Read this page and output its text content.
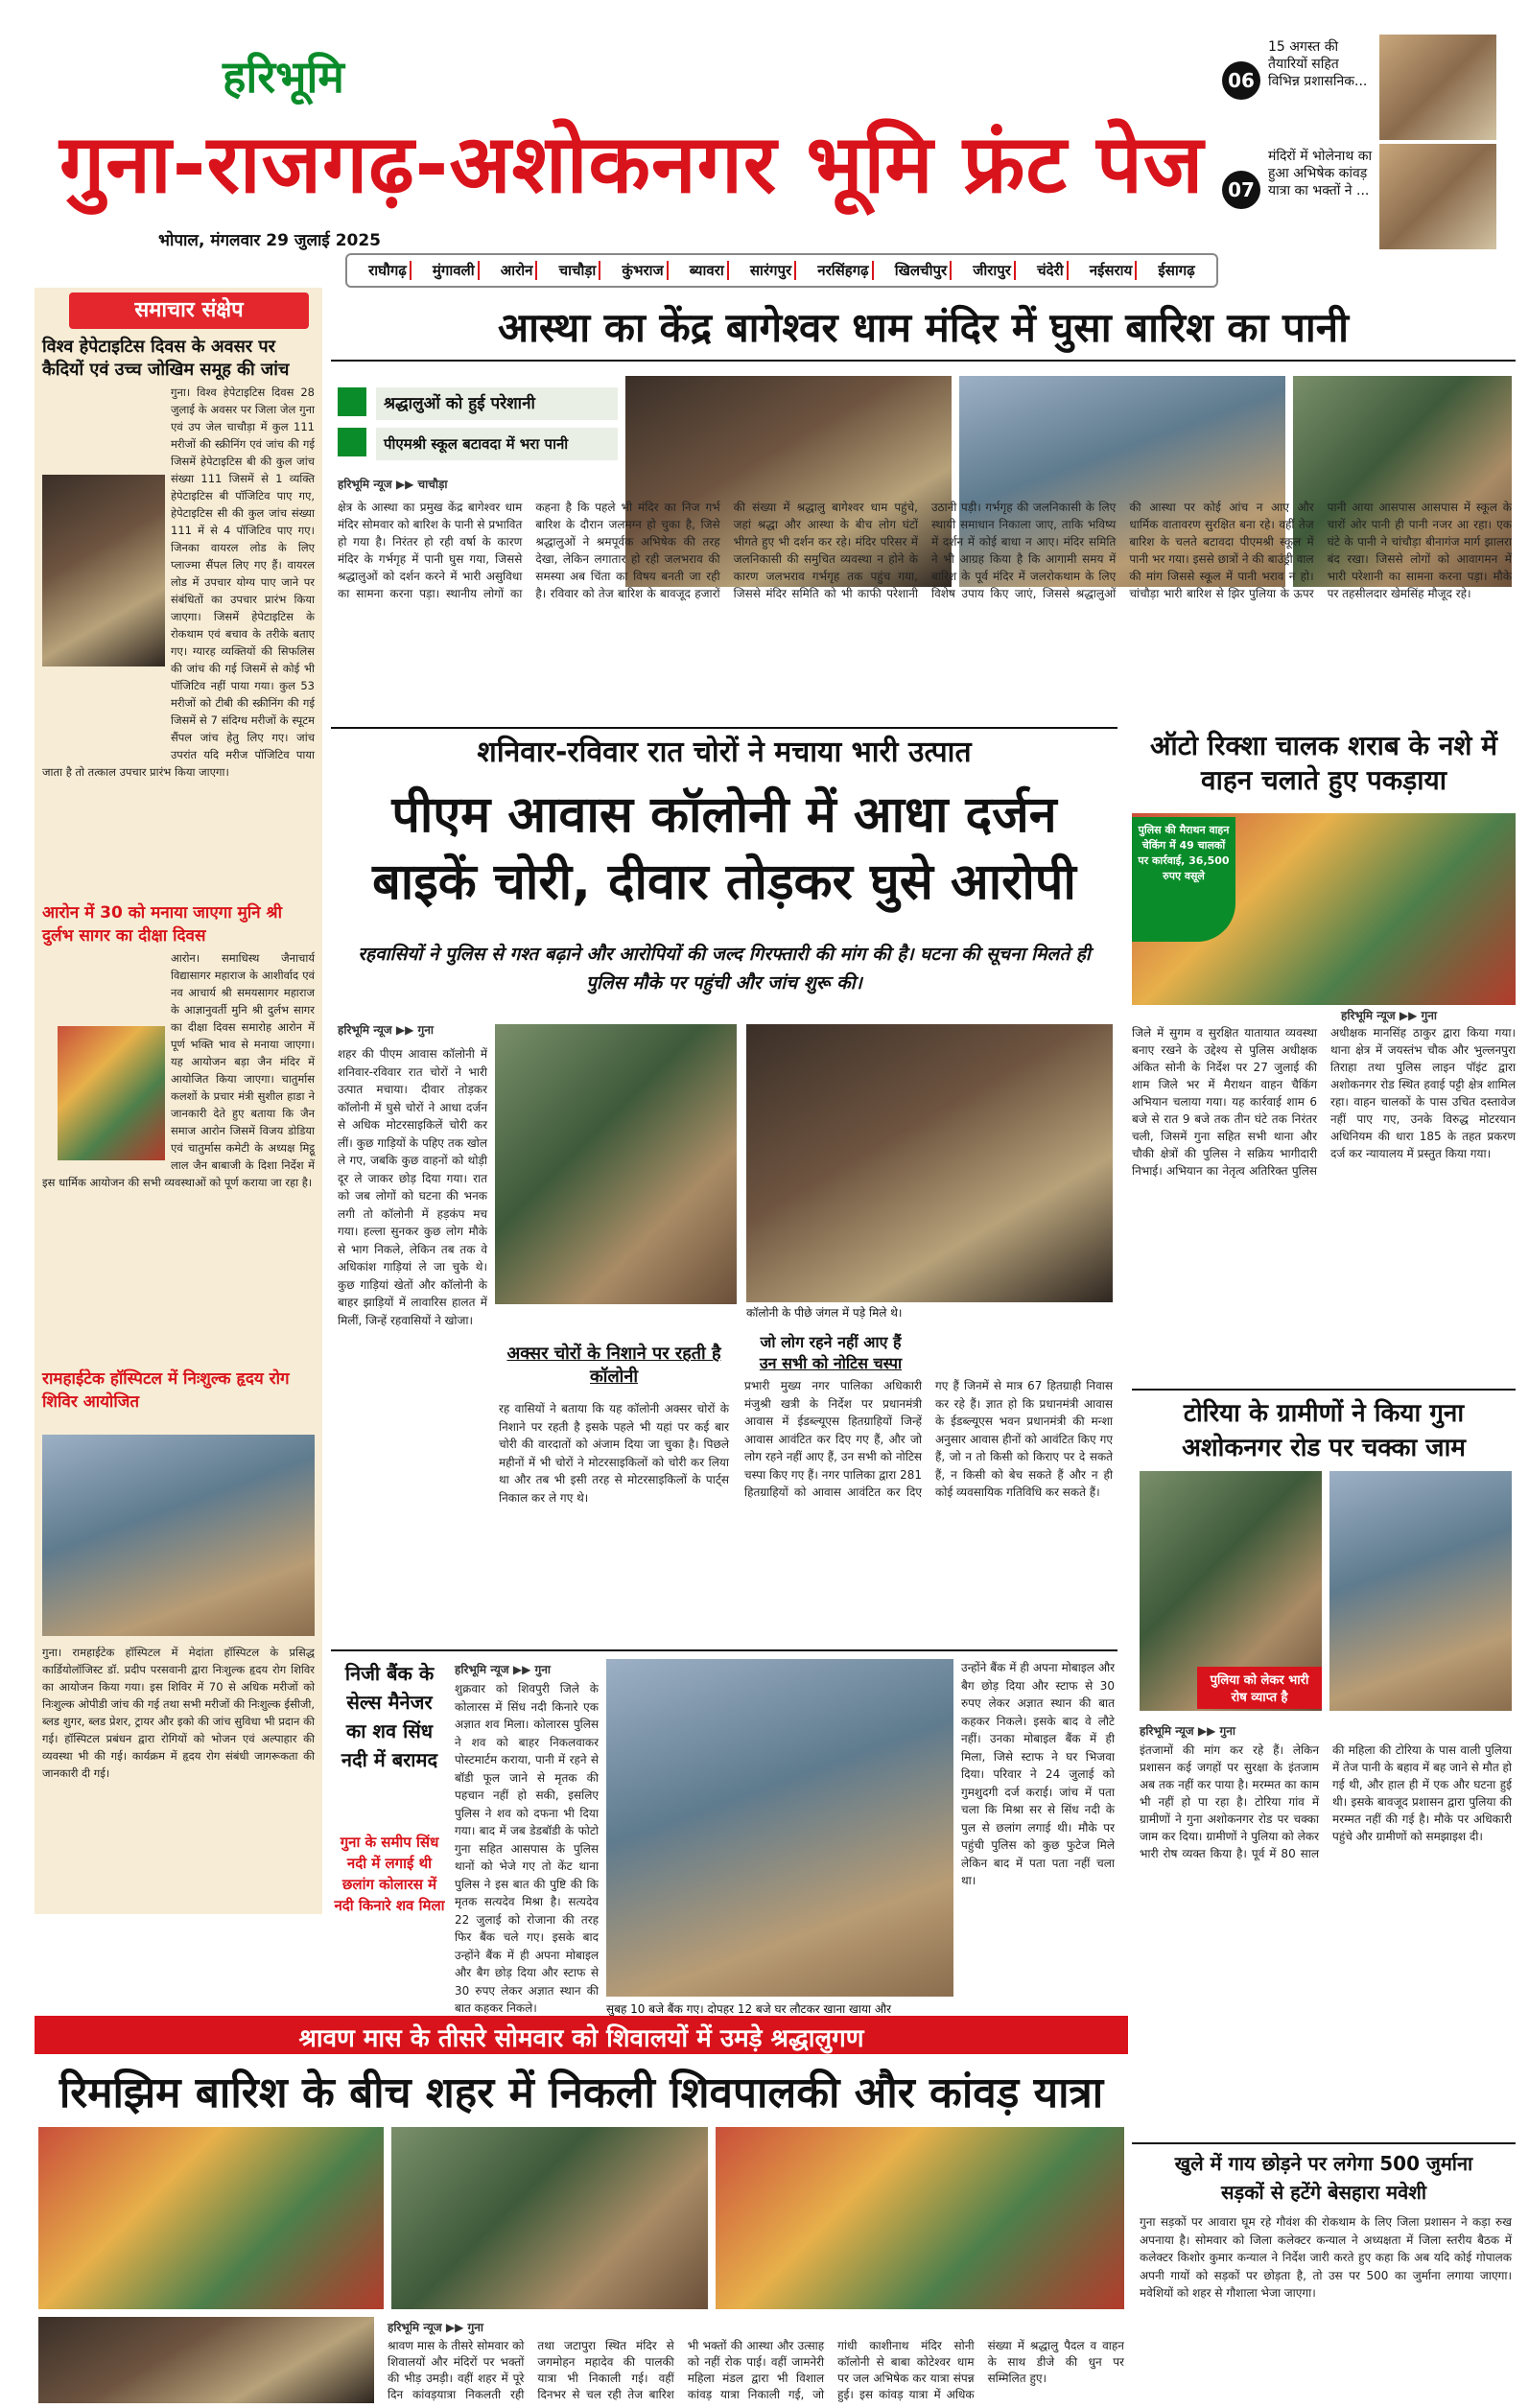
हरिभूमि
गुना-राजगढ़-अशोकनगर भूमि फ्रंट पेज
भोपाल, मंगलवार 29 जुलाई 2025
06
15 अगस्त की तैयारियों सहित विभिन्न प्रशासनिक...
07
मंदिरों में भोलेनाथ का हुआ अभिषेक कांवड़ यात्रा का भक्तों ने ...
राघौगढ़	मुंगावली	आरोन	चाचौड़ा	कुंभराज	ब्यावरा	सारंगपुर	नरसिंहगढ़	खिलचीपुर	जीरापुर	चंदेरी	नईसराय	ईसागढ़
समाचार संक्षेप
विश्व हेपेटाइटिस दिवस के अवसर पर कैदियों एवं उच्च जोखिम समूह की जांच
गुना। विश्व हेपेटाइटिस दिवस 28 जुलाई के अवसर पर जिला जेल गुना एवं उप जेल चाचौड़ा में कुल 111 मरीजों की स्क्रीनिंग एवं जांच की गई जिसमें हेपेटाइटिस बी की कुल जांच संख्या 111 जिसमें से 1 व्यक्ति हेपेटाइटिस बी पॉजिटिव पाए गए, हेपेटाइटिस सी की कुल जांच संख्या 111 में से 4 पॉजिटिव पाए गए। जिनका वायरल लोड के लिए प्लाज्मा सैंपल लिए गए हैं। वायरल लोड में उपचार योग्य पाए जाने पर संबंधितों का उपचार प्रारंभ किया जाएगा। जिसमें हेपेटाइटिस के रोकथाम एवं बचाव के तरीके बताए गए। ग्यारह व्यक्तियों की सिफलिस की जांच की गई जिसमें से कोई भी पॉजिटिव नहीं पाया गया। कुल 53 मरीजों को टीबी की स्क्रीनिंग की गई जिसमें से 7 संदिग्ध मरीजों के स्पूटम सैंपल जांच हेतु लिए गए। जांच उपरांत यदि मरीज पॉजिटिव पाया जाता है तो तत्काल उपचार प्रारंभ किया जाएगा।
आरोन में 30 को मनाया जाएगा मुनि श्री दुर्लभ सागर का दीक्षा दिवस
आरोन। समाधिस्थ जैनाचार्य विद्यासागर महाराज के आशीर्वाद एवं नव आचार्य श्री समयसागर महाराज के आज्ञानुवर्ती मुनि श्री दुर्लभ सागर का दीक्षा दिवस समारोह आरोन में पूर्ण भक्ति भाव से मनाया जाएगा। यह आयोजन बड़ा जैन मंदिर में आयोजित किया जाएगा। चातुर्मास कलशों के प्रचार मंत्री सुशील हाडा ने जानकारी देते हुए बताया कि जैन समाज आरोन जिसमें विजय डोडिया एवं चातुर्मास कमेटी के अध्यक्ष मिट्ठू लाल जैन बाबाजी के दिशा निर्देश में इस धार्मिक आयोजन की सभी व्यवस्थाओं को पूर्ण कराया जा रहा है।
रामहाईटेक हॉस्पिटल में निःशुल्क हृदय रोग शिविर आयोजित
गुना। रामहाईटेक हॉस्पिटल में मेदांता हॉस्पिटल के प्रसिद्ध कार्डियोलॉजिस्ट डॉ. प्रदीप परसवानी द्वारा निःशुल्क हृदय रोग शिविर का आयोजन किया गया। इस शिविर में 70 से अधिक मरीजों को निःशुल्क ओपीडी जांच की गई तथा सभी मरीजों की निःशुल्क ईसीजी, ब्लड शुगर, ब्लड प्रेशर, ट्रायर और इको की जांच सुविधा भी प्रदान की गई। हॉस्पिटल प्रबंधन द्वारा रोगियों को भोजन एवं अल्पाहार की व्यवस्था भी की गई। कार्यक्रम में हृदय रोग संबंधी जागरूकता की जानकारी दी गई।
आस्था का केंद्र बागेश्वर धाम मंदिर में घुसा बारिश का पानी
श्रद्धालुओं को हुई परेशानी
पीएमश्री स्कूल बटावदा में भरा पानी
हरिभूमि न्यूज ▶▶ चाचौड़ा
क्षेत्र के आस्था का प्रमुख केंद्र बागेश्वर धाम मंदिर सोमवार को बारिश के पानी से प्रभावित हो गया है। निरंतर हो रही वर्षा के कारण मंदिर के गर्भगृह में पानी घुस गया, जिससे श्रद्धालुओं को दर्शन करने में भारी असुविधा का सामना करना पड़ा। स्थानीय लोगों का कहना है कि पहले भी मंदिर का निज गर्भ बारिश के दौरान जलमग्न हो चुका है, जिसे श्रद्धालुओं ने श्रमपूर्वक अभिषेक की तरह देखा, लेकिन लगातार हो रही जलभराव की समस्या अब चिंता का विषय बनती जा रही है। रविवार को तेज बारिश के बावजूद हजारों की संख्या में श्रद्धालु बागेश्वर धाम पहुंचे, जहां श्रद्धा और आस्था के बीच लोग घंटों भीगते हुए भी दर्शन कर रहे। मंदिर परिसर में जलनिकासी की समुचित व्यवस्था न होने के कारण जलभराव गर्भगृह तक पहुंच गया, जिससे मंदिर समिति को भी काफी परेशानी उठानी पड़ी। गर्भगृह की जलनिकासी के लिए स्थायी समाधान निकाला जाए, ताकि भविष्य में दर्शन में कोई बाधा न आए। मंदिर समिति ने भी आग्रह किया है कि आगामी समय में बारिश के पूर्व मंदिर में जलरोकथाम के लिए विशेष उपाय किए जाएं, जिससे श्रद्धालुओं की आस्था पर कोई आंच न आए और धार्मिक वातावरण सुरक्षित बना रहे। वहीं तेज बारिश के चलते बटावदा पीएमश्री स्कूल में पानी भर गया। इससे छात्रों ने की बाउंड्री वाल की मांग जिससे स्कूल में पानी भराव न हो। चांचौड़ा भारी बारिश से झिर पुलिया के ऊपर पानी आया आसपास आसपास में स्कूल के चारों ओर पानी ही पानी नजर आ रहा। एक घंटे के पानी ने चांचौड़ा बीनागंज मार्ग झालरा बंद रखा। जिससे लोगों को आवागमन में भारी परेशानी का सामना करना पड़ा। मौके पर तहसीलदार खेमसिंह मौजूद रहे।
शनिवार-रविवार रात चोरों ने मचाया भारी उत्पात
पीएम आवास कॉलोनी में आधा दर्जन
बाइकें चोरी, दीवार तोड़कर घुसे आरोपी
रहवासियों ने पुलिस से गश्त बढ़ाने और आरोपियों की जल्द गिरफ्तारी की मांग की है। घटना की सूचना मिलते ही पुलिस मौके पर पहुंची और जांच शुरू की।
हरिभूमि न्यूज ▶▶ गुना
शहर की पीएम आवास कॉलोनी में शनिवार-रविवार रात चोरों ने भारी उत्पात मचाया। दीवार तोड़कर कॉलोनी में घुसे चोरों ने आधा दर्जन से अधिक मोटरसाइकिलें चोरी कर लीं। कुछ गाड़ियों के पहिए तक खोल ले गए, जबकि कुछ वाहनों को थोड़ी दूर ले जाकर छोड़ दिया गया। रात को जब लोगों को घटना की भनक लगी तो कॉलोनी में हड़कंप मच गया। हल्ला सुनकर कुछ लोग मौके से भाग निकले, लेकिन तब तक वे अधिकांश गाड़ियां ले जा चुके थे। कुछ गाड़ियां खेतों और कॉलोनी के बाहर झाड़ियों में लावारिस हालत में मिलीं, जिन्हें रहवासियों ने खोजा।
कॉलोनी के पीछे जंगल में पड़े मिले थे।
अक्सर चोरों के निशाने पर रहती है कॉलोनी
रह वासियों ने बताया कि यह कॉलोनी अक्सर चोरों के निशाने पर रहती है इसके पहले भी यहां पर कई बार चोरी की वारदातों को अंजाम दिया जा चुका है। पिछले महीनों में भी चोरों ने मोटरसाइकिलों को चोरी कर लिया था और तब भी इसी तरह से मोटरसाइकिलों के पार्ट्स निकाल कर ले गए थे।
जो लोग रहने नहीं आए हैं
उन सभी को नोटिस चस्पा
प्रभारी मुख्य नगर पालिका अधिकारी मंजुश्री खत्री के निर्देश पर प्रधानमंत्री आवास में ईडब्ल्यूएस हितग्राहियों जिन्हें आवास आवंटित कर दिए गए हैं, और जो लोग रहने नहीं आए हैं, उन सभी को नोटिस चस्पा किए गए हैं। नगर पालिका द्वारा 281 हितग्राहियों को आवास आवंटित कर दिए गए हैं जिनमें से मात्र 67 हितग्राही निवास कर रहे हैं। ज्ञात हो कि प्रधानमंत्री आवास के ईडब्ल्यूएस भवन प्रधानमंत्री की मन्शा अनुसार आवास हीनों को आवंटित किए गए हैं, जो न तो किसी को किराए पर दे सकते हैं, न किसी को बेच सकते हैं और न ही कोई व्यवसायिक गतिविधि कर सकते हैं।
ऑटो रिक्शा चालक शराब के नशे में वाहन चलाते हुए पकड़ाया
पुलिस की मैराथन वाहन चेकिंग में 49 चालकों पर कार्रवाई, 36,500 रुपए वसूले
हरिभूमि न्यूज ▶▶ गुना
जिले में सुगम व सुरक्षित यातायात व्यवस्था बनाए रखने के उद्देश्य से पुलिस अधीक्षक अंकित सोनी के निर्देश पर 27 जुलाई की शाम जिले भर में मैराथन वाहन चैकिंग अभियान चलाया गया। यह कार्रवाई शाम 6 बजे से रात 9 बजे तक तीन घंटे तक निरंतर चली, जिसमें गुना सहित सभी थाना और चौकी क्षेत्रों की पुलिस ने सक्रिय भागीदारी निभाई। अभियान का नेतृत्व अतिरिक्त पुलिस अधीक्षक मानसिंह ठाकुर द्वारा किया गया। थाना क्षेत्र में जयस्तंभ चौक और भुल्लनपुरा तिराहा तथा पुलिस लाइन पॉइंट द्वारा अशोकनगर रोड स्थित हवाई पट्टी क्षेत्र शामिल रहा। वाहन चालकों के पास उचित दस्तावेज नहीं पाए गए, उनके विरुद्ध मोटरयान अधिनियम की धारा 185 के तहत प्रकरण दर्ज कर न्यायालय में प्रस्तुत किया गया।
टोरिया के ग्रामीणों ने किया गुना अशोकनगर रोड पर चक्का जाम
पुलिया को लेकर भारी रोष व्याप्त है
हरिभूमि न्यूज ▶▶ गुना
इंतजामों की मांग कर रहे हैं। लेकिन प्रशासन कई जगहों पर सुरक्षा के इंतजाम अब तक नहीं कर पाया है। मरम्मत का काम भी नहीं हो पा रहा है। टोरिया गांव में ग्रामीणों ने गुना अशोकनगर रोड पर चक्का जाम कर दिया। ग्रामीणों ने पुलिया को लेकर भारी रोष व्यक्त किया है। पूर्व में 80 साल की महिला की टोरिया के पास वाली पुलिया में तेज पानी के बहाव में बह जाने से मौत हो गई थी, और हाल ही में एक और घटना हुई थी। इसके बावजूद प्रशासन द्वारा पुलिया की मरम्मत नहीं की गई है। मौके पर अधिकारी पहुंचे और ग्रामीणों को समझाइश दी।
निजी बैंक के सेल्स मैनेजर का शव सिंध नदी में बरामद
गुना के समीप सिंध नदी में लगाई थी छलांग कोलारस में नदी किनारे शव मिला
हरिभूमि न्यूज ▶▶ गुना
शुक्रवार को शिवपुरी जिले के कोलारस में सिंध नदी किनारे एक अज्ञात शव मिला। कोलारस पुलिस ने शव को बाहर निकलवाकर पोस्टमार्टम कराया, पानी में रहने से बॉडी फूल जाने से मृतक की पहचान नहीं हो सकी, इसलिए पुलिस ने शव को दफना भी दिया गया। बाद में जब डेडबॉडी के फोटो गुना सहित आसपास के पुलिस थानों को भेजे गए तो केंट थाना पुलिस ने इस बात की पुष्टि की कि मृतक सत्यदेव मिश्रा है। सत्यदेव 22 जुलाई को रोजाना की तरह फिर बैंक चले गए। इसके बाद उन्होंने बैंक में ही अपना मोबाइल और बैग छोड़ दिया और स्टाफ से 30 रुपए लेकर अज्ञात स्थान की बात कहकर निकले।	सुबह 10 बजे बैंक गए। दोपहर 12 बजे घर लौटकर खाना खाया और
उन्होंने बैंक में ही अपना मोबाइल और बैग छोड़ दिया और स्टाफ से 30 रुपए लेकर अज्ञात स्थान की बात कहकर निकले। इसके बाद वे लौटे नहीं। उनका मोबाइल बैंक में ही मिला, जिसे स्टाफ ने घर भिजवा दिया। परिवार ने 24 जुलाई को गुमशुदगी दर्ज कराई। जांच में पता चला कि मिश्रा सर से सिंध नदी के पुल से छलांग लगाई थी। मौके पर पहुंची पुलिस को कुछ फुटेज मिले लेकिन बाद में पता पता नहीं चला था।
श्रावण मास के तीसरे सोमवार को शिवालयों में उमड़े श्रद्धालुगण
रिमझिम बारिश के बीच शहर में निकली शिवपालकी और कांवड़ यात्रा
हरिभूमि न्यूज ▶▶ गुना
श्रावण मास के तीसरे सोमवार को शिवालयों और मंदिरों पर भक्तों की भीड़ उमड़ी। वहीं शहर में पूरे दिन कांवड़यात्रा निकलती रही तथा जटापुरा स्थित मंदिर से जगमोहन महादेव की पालकी यात्रा भी निकाली गई। वहीं दिनभर से चल रही तेज बारिश भी भक्तों की आस्था और उत्साह को नहीं रोक पाई। वहीं जामनेरी महिला मंडल द्वारा भी विशाल कांवड़ यात्रा निकाली गई, जो गांधी काशीनाथ मंदिर सोनी कॉलोनी से बाबा कोटेश्वर धाम पर जल अभिषेक कर यात्रा संपन्न हुई। इस कांवड़ यात्रा में अधिक संख्या में श्रद्धालु पैदल व वाहन के साथ डीजे की धुन पर सम्मिलित हुए।
खुले में गाय छोड़ने पर लगेगा 500 जुर्माना
सड़कों से हटेंगे बेसहारा मवेशी
गुना सड़कों पर आवारा घूम रहे गौवंश की रोकथाम के लिए जिला प्रशासन ने कड़ा रुख अपनाया है। सोमवार को जिला कलेक्टर कन्याल ने अध्यक्षता में जिला स्तरीय बैठक में कलेक्टर किशोर कुमार कन्याल ने निर्देश जारी करते हुए कहा कि अब यदि कोई गोपालक अपनी गायों को सड़कों पर छोड़ता है, तो उस पर 500 का जुर्माना लगाया जाएगा। मवेशियों को शहर से गौशाला भेजा जाएगा।
